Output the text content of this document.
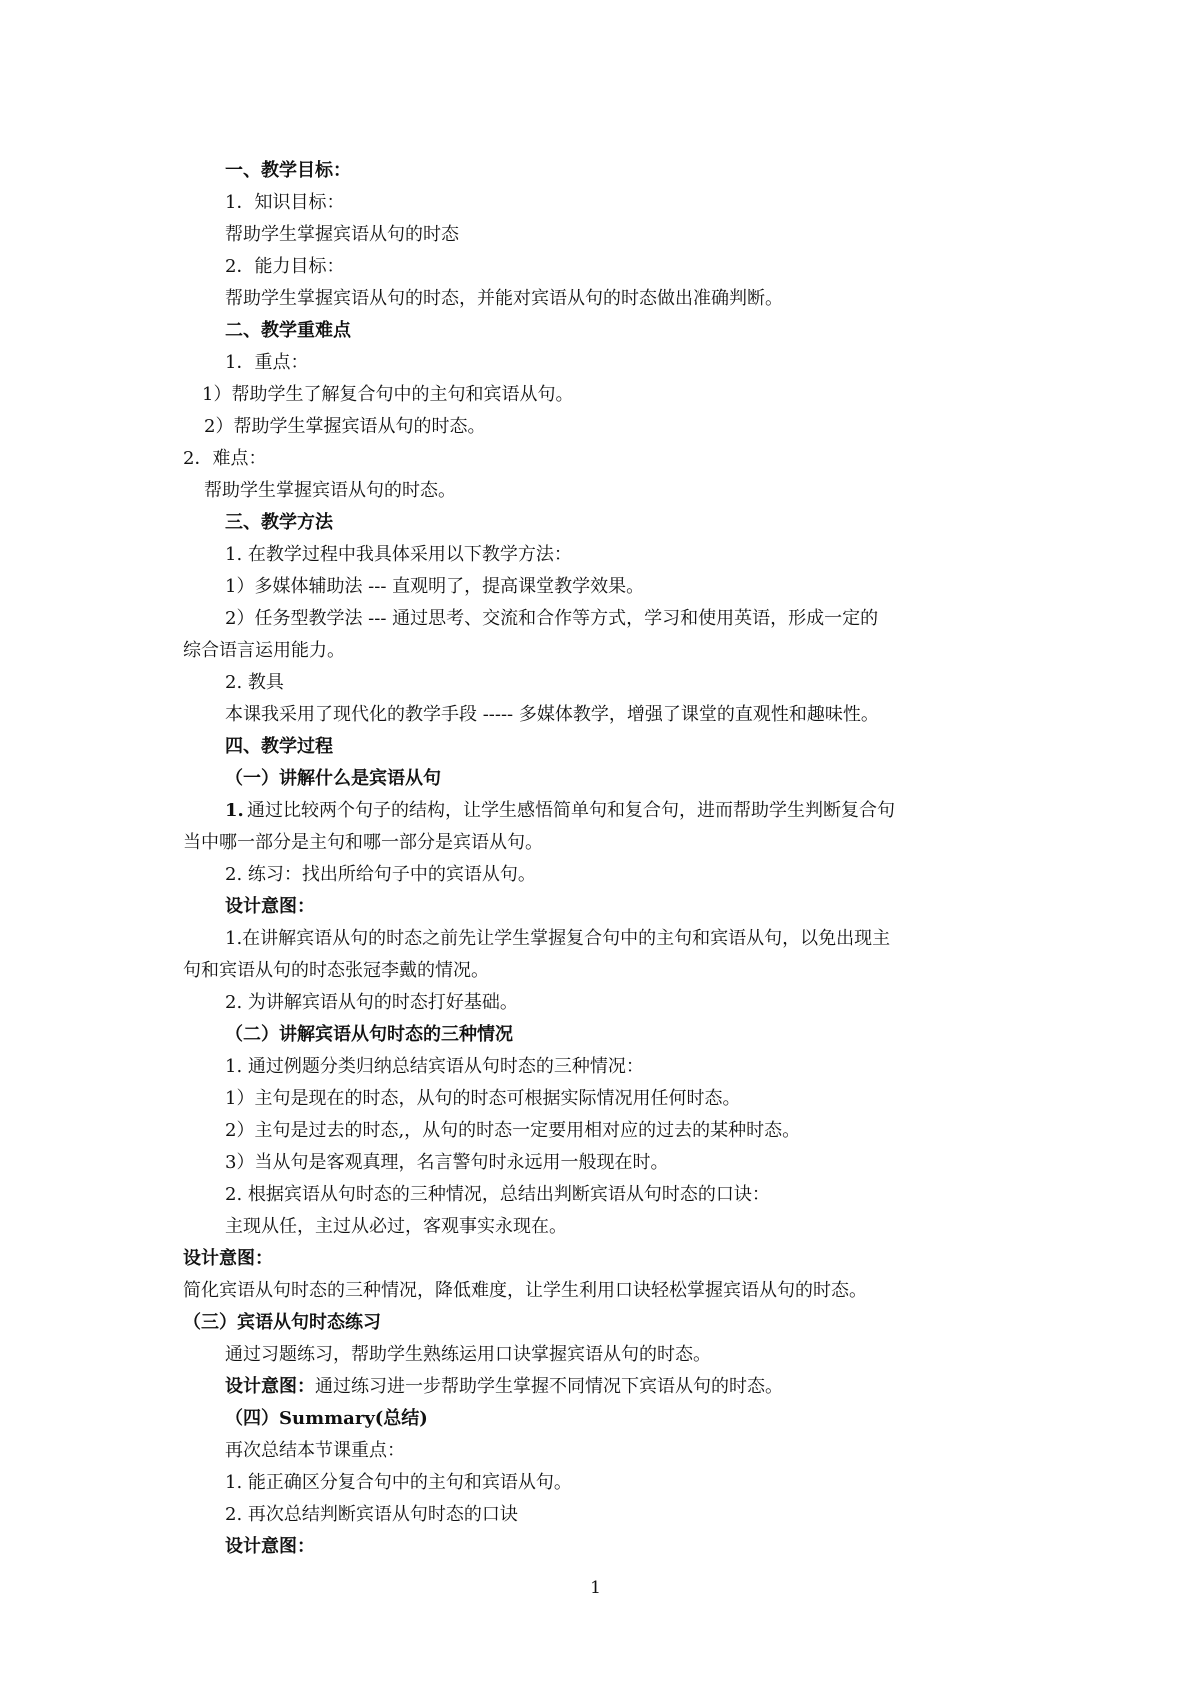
一、教学目标：

1．知识目标：

帮助学生掌握宾语从句的时态

2．能力目标：

帮助学生掌握宾语从句的时态，并能对宾语从句的时态做出准确判断。

二、教学重难点

1．重点：

1）帮助学生了解复合句中的主句和宾语从句。

2）帮助学生掌握宾语从句的时态。

2．难点：

帮助学生掌握宾语从句的时态。

三、教学方法

1. 在教学过程中我具体采用以下教学方法：

1）多媒体辅助法 --- 直观明了，提高课堂教学效果。

2）任务型教学法 --- 通过思考、交流和合作等方式，学习和使用英语，形成一定的

综合语言运用能力。

2. 教具

本课我采用了现代化的教学手段 ----- 多媒体教学，增强了课堂的直观性和趣味性。

四、教学过程

（一）讲解什么是宾语从句

1. 通过比较两个句子的结构，让学生感悟简单句和复合句，进而帮助学生判断复合句

当中哪一部分是主句和哪一部分是宾语从句。

2. 练习：找出所给句子中的宾语从句。

设计意图：

1.在讲解宾语从句的时态之前先让学生掌握复合句中的主句和宾语从句，以免出现主

句和宾语从句的时态张冠李戴的情况。

2. 为讲解宾语从句的时态打好基础。

（二）讲解宾语从句时态的三种情况

1. 通过例题分类归纳总结宾语从句时态的三种情况：

1）主句是现在的时态，从句的时态可根据实际情况用任何时态。

2）主句是过去的时态,，从句的时态一定要用相对应的过去的某种时态。

3）当从句是客观真理，名言警句时永远用一般现在时。

2. 根据宾语从句时态的三种情况，总结出判断宾语从句时态的口诀：

主现从任，主过从必过，客观事实永现在。

设计意图：

简化宾语从句时态的三种情况，降低难度，让学生利用口诀轻松掌握宾语从句的时态。

（三）宾语从句时态练习

通过习题练习，帮助学生熟练运用口诀掌握宾语从句的时态。

设计意图： 通过练习进一步帮助学生掌握不同情况下宾语从句的时态。

（四）Summary(总结)

再次总结本节课重点：

1. 能正确区分复合句中的主句和宾语从句。

2. 再次总结判断宾语从句时态的口诀

设计意图：

1
